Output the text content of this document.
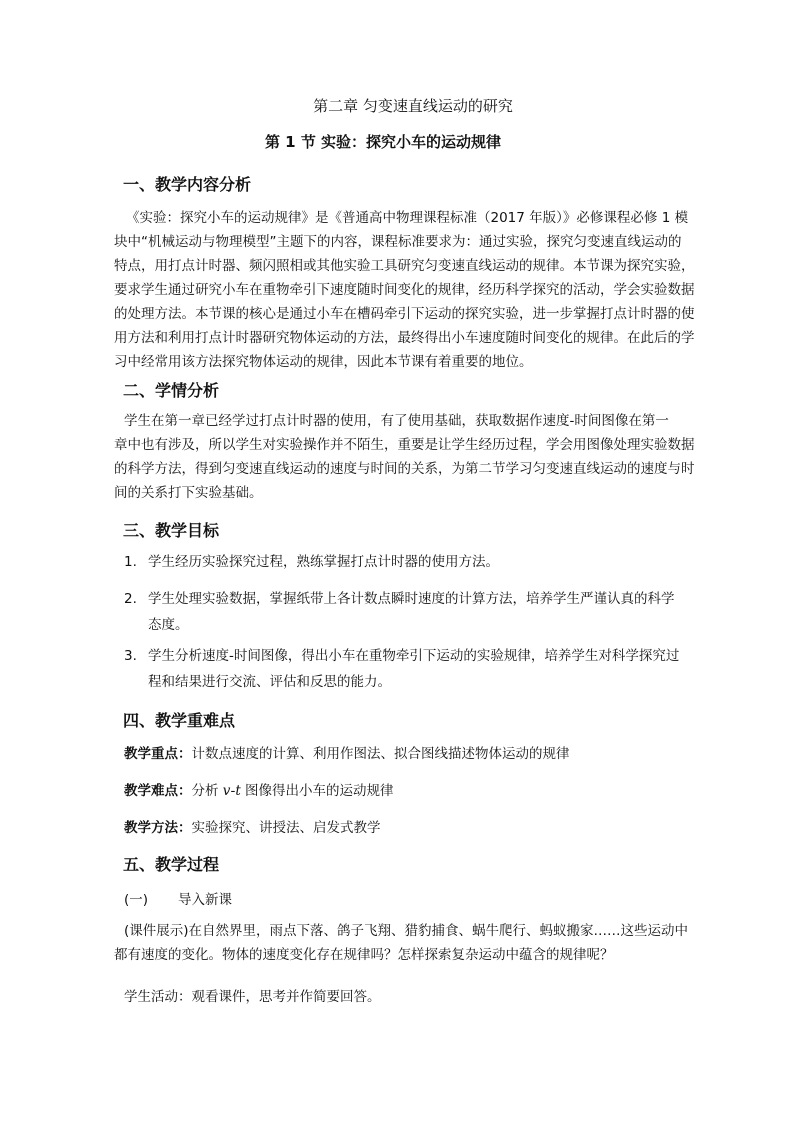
第二章 匀变速直线运动的研究
第 1 节 实验：探究小车的运动规律
一、教学内容分析
《实验：探究小车的运动规律》是《普通高中物理课程标准（2017 年版）》必修课程必修 1 模
块中“机械运动与物理模型”主题下的内容，课程标准要求为：通过实验，探究匀变速直线运动的
特点，用打点计时器、频闪照相或其他实验工具研究匀变速直线运动的规律。本节课为探究实验，
要求学生通过研究小车在重物牵引下速度随时间变化的规律，经历科学探究的活动，学会实验数据
的处理方法。本节课的核心是通过小车在槽码牵引下运动的探究实验，进一步掌握打点计时器的使
用方法和利用打点计时器研究物体运动的方法，最终得出小车速度随时间变化的规律。在此后的学
习中经常用该方法探究物体运动的规律，因此本节课有着重要的地位。
二、学情分析
学生在第一章已经学过打点计时器的使用，有了使用基础，获取数据作速度-时间图像在第一
章中也有涉及，所以学生对实验操作并不陌生，重要是让学生经历过程，学会用图像处理实验数据
的科学方法，得到匀变速直线运动的速度与时间的关系，为第二节学习匀变速直线运动的速度与时
间的关系打下实验基础。
三、教学目标
1. 学生经历实验探究过程，熟练掌握打点计时器的使用方法。
2. 学生处理实验数据，掌握纸带上各计数点瞬时速度的计算方法，培养学生严谨认真的科学
态度。
3. 学生分析速度-时间图像，得出小车在重物牵引下运动的实验规律，培养学生对科学探究过
程和结果进行交流、评估和反思的能力。
四、教学重难点
教学重点：计数点速度的计算、利用作图法、拟合图线描述物体运动的规律
教学难点：分析 v-t 图像得出小车的运动规律
教学方法：实验探究、讲授法、启发式教学
五、教学过程
(一) 导入新课
(课件展示)在自然界里，雨点下落、鸽子飞翔、猎豹捕食、蜗牛爬行、蚂蚁搬家……这些运动中
都有速度的变化。物体的速度变化存在规律吗？怎样探索复杂运动中蕴含的规律呢？
学生活动：观看课件，思考并作简要回答。
